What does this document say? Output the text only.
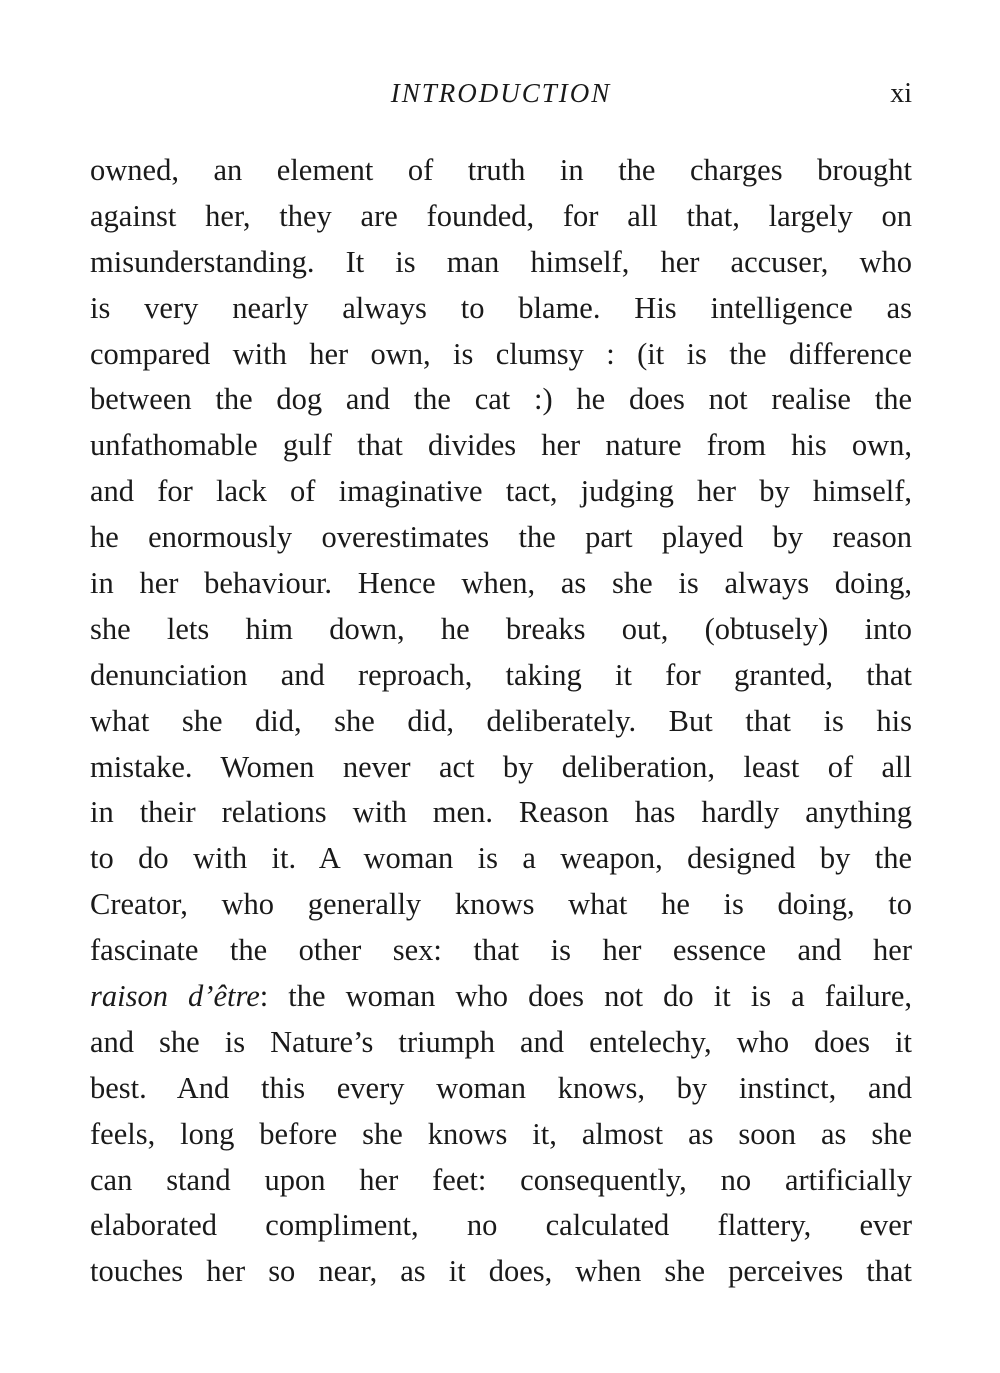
INTRODUCTION	xi
owned, an element of truth in the charges brought
against her, they are founded, for all that, largely on
misunderstanding. It is man himself, her accuser, who
is very nearly always to blame. His intelligence as
compared with her own, is clumsy : (it is the difference
between the dog and the cat :) he does not realise the
unfathomable gulf that divides her nature from his own,
and for lack of imaginative tact, judging her by himself,
he enormously overestimates the part played by reason
in her behaviour. Hence when, as she is always doing,
she lets him down, he breaks out, (obtusely) into
denunciation and reproach, taking it for granted, that
what she did, she did, deliberately. But that is his
mistake. Women never act by deliberation, least of all
in their relations with men. Reason has hardly anything
to do with it. A woman is a weapon, designed by the
Creator, who generally knows what he is doing, to
fascinate the other sex: that is her essence and her
raison d’être: the woman who does not do it is a failure,
and she is Nature’s triumph and entelechy, who does it
best. And this every woman knows, by instinct, and
feels, long before she knows it, almost as soon as she
can stand upon her feet: consequently, no artificially
elaborated compliment, no calculated flattery, ever
touches her so near, as it does, when she perceives that
